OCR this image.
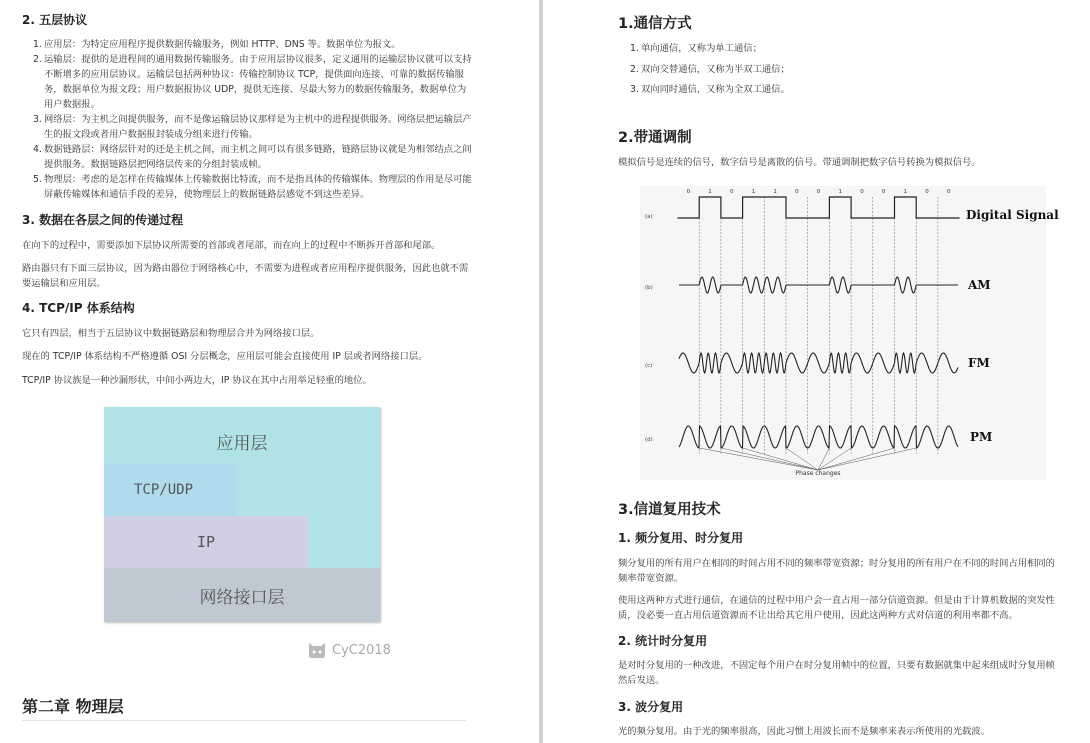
2. 五层协议
1. 应用层：为特定应用程序提供数据传输服务，例如 HTTP、DNS 等。数据单位为报文。
2. 运输层：提供的是进程间的通用数据传输服务。由于应用层协议很多，定义通用的运输层协议就可以支持不断增多的应用层协议。运输层包括两种协议：传输控制协议 TCP，提供面向连接、可靠的数据传输服务，数据单位为报文段；用户数据报协议 UDP，提供无连接、尽最大努力的数据传输服务，数据单位为用户数据报。
3. 网络层：为主机之间提供服务，而不是像运输层协议那样是为主机中的进程提供服务。网络层把运输层产生的报文段或者用户数据报封装成分组来进行传输。
4. 数据链路层：网络层针对的还是主机之间，而主机之间可以有很多链路，链路层协议就是为相邻结点之间提供服务。数据链路层把网络层传来的分组封装成帧。
5. 物理层：考虑的是怎样在传输媒体上传输数据比特流，而不是指具体的传输媒体。物理层的作用是尽可能屏蔽传输媒体和通信手段的差异，使物理层上的数据链路层感觉不到这些差异。
3. 数据在各层之间的传递过程

在向下的过程中，需要添加下层协议所需要的首部或者尾部，而在向上的过程中不断拆开首部和尾部。

路由器只有下面三层协议，因为路由器位于网络核心中，不需要为进程或者应用程序提供服务，因此也就不需要运输层和应用层。

4. TCP/IP 体系结构

它只有四层，相当于五层协议中数据链路层和物理层合并为网络接口层。

现在的 TCP/IP 体系结构不严格遵循 OSI 分层概念，应用层可能会直接使用 IP 层或者网络接口层。

TCP/IP 协议族是一种沙漏形状，中间小两边大，IP 协议在其中占用举足轻重的地位。

应用层
TCP/UDP
IP
网络接口层
CyC2018
第二章 物理层
1.通信方式
1. 单向通信，又称为单工通信；
2. 双向交替通信，又称为半双工通信；
3. 双向同时通信，又称为全双工通信。
2.带通调制

模拟信号是连续的信号，数字信号是离散的信号。带通调制把数字信号转换为模拟信号。

0	1	0	1	1	0	0	1	0	0	1	0	0
(a)
(b)
(c)
(d)
Digital Signal
AM
FM
PM
Phase changes
3.信道复用技术
1. 频分复用、时分复用

频分复用的所有用户在相同的时间占用不同的频率带宽资源；时分复用的所有用户在不同的时间占用相同的频率带宽资源。

使用这两种方式进行通信，在通信的过程中用户会一直占用一部分信道资源。但是由于计算机数据的突发性质，没必要一直占用信道资源而不让出给其它用户使用，因此这两种方式对信道的利用率都不高。

2. 统计时分复用

是对时分复用的一种改进，不固定每个用户在时分复用帧中的位置，只要有数据就集中起来组成时分复用帧然后发送。

3. 波分复用

光的频分复用。由于光的频率很高，因此习惯上用波长而不是频率来表示所使用的光载波。
